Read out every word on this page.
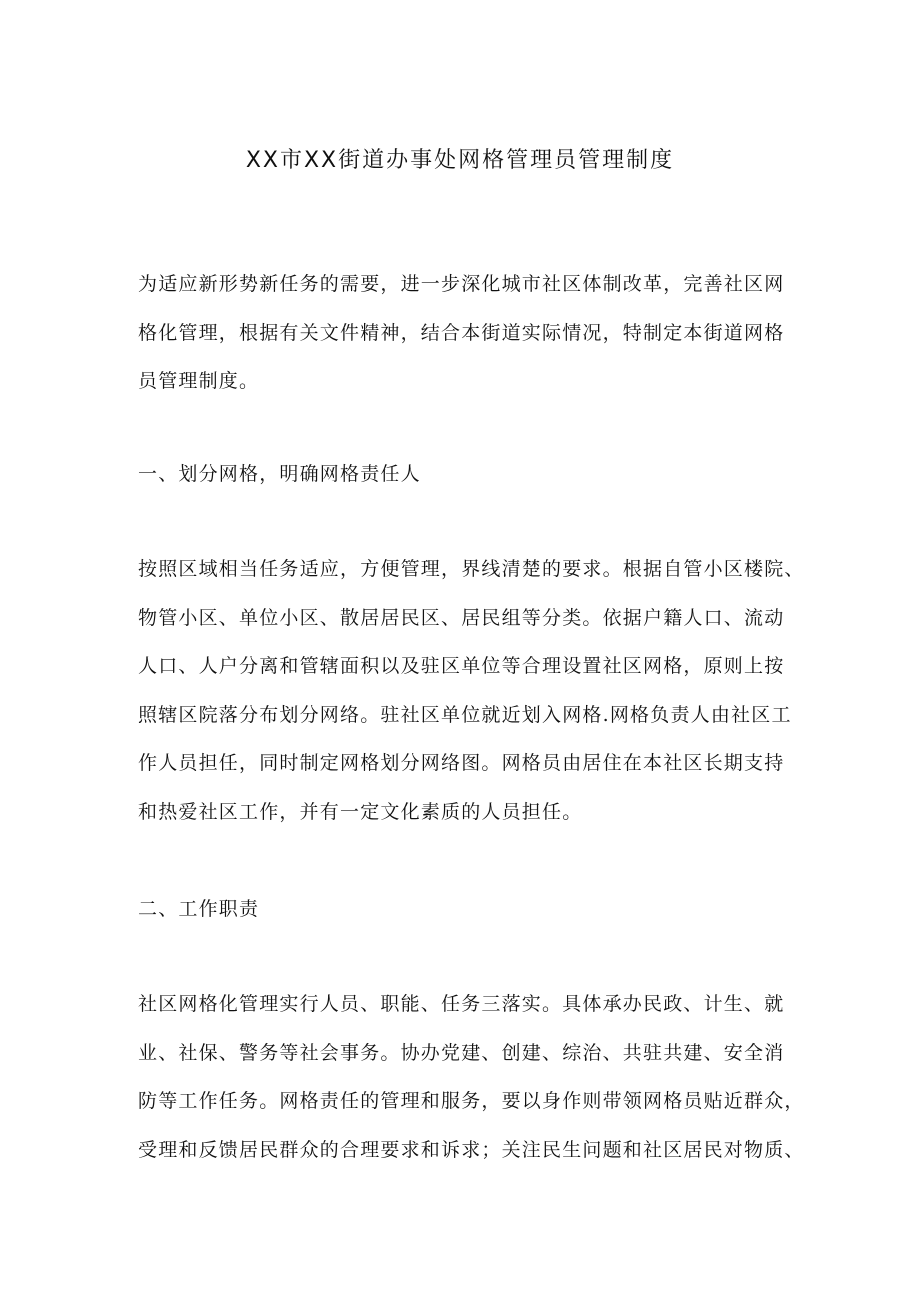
XX市XX街道办事处网格管理员管理制度

为适应新形势新任务的需要，进一步深化城市社区体制改革，完善社区网
格化管理，根据有关文件精神，结合本街道实际情况，特制定本街道网格
员管理制度。

一、划分网格，明确网格责任人

按照区域相当任务适应，方便管理，界线清楚的要求。根据自管小区楼院、
物管小区、单位小区、散居居民区、居民组等分类。依据户籍人口、流动
人口、人户分离和管辖面积以及驻区单位等合理设置社区网格，原则上按
照辖区院落分布划分网络。驻社区单位就近划入网格.网格负责人由社区工
作人员担任，同时制定网格划分网络图。网格员由居住在本社区长期支持
和热爱社区工作，并有一定文化素质的人员担任。

二、工作职责

社区网格化管理实行人员、职能、任务三落实。具体承办民政、计生、就
业、社保、警务等社会事务。协办党建、创建、综治、共驻共建、安全消
防等工作任务。网格责任的管理和服务，要以身作则带领网格员贴近群众，
受理和反馈居民群众的合理要求和诉求；关注民生问题和社区居民对物质、
